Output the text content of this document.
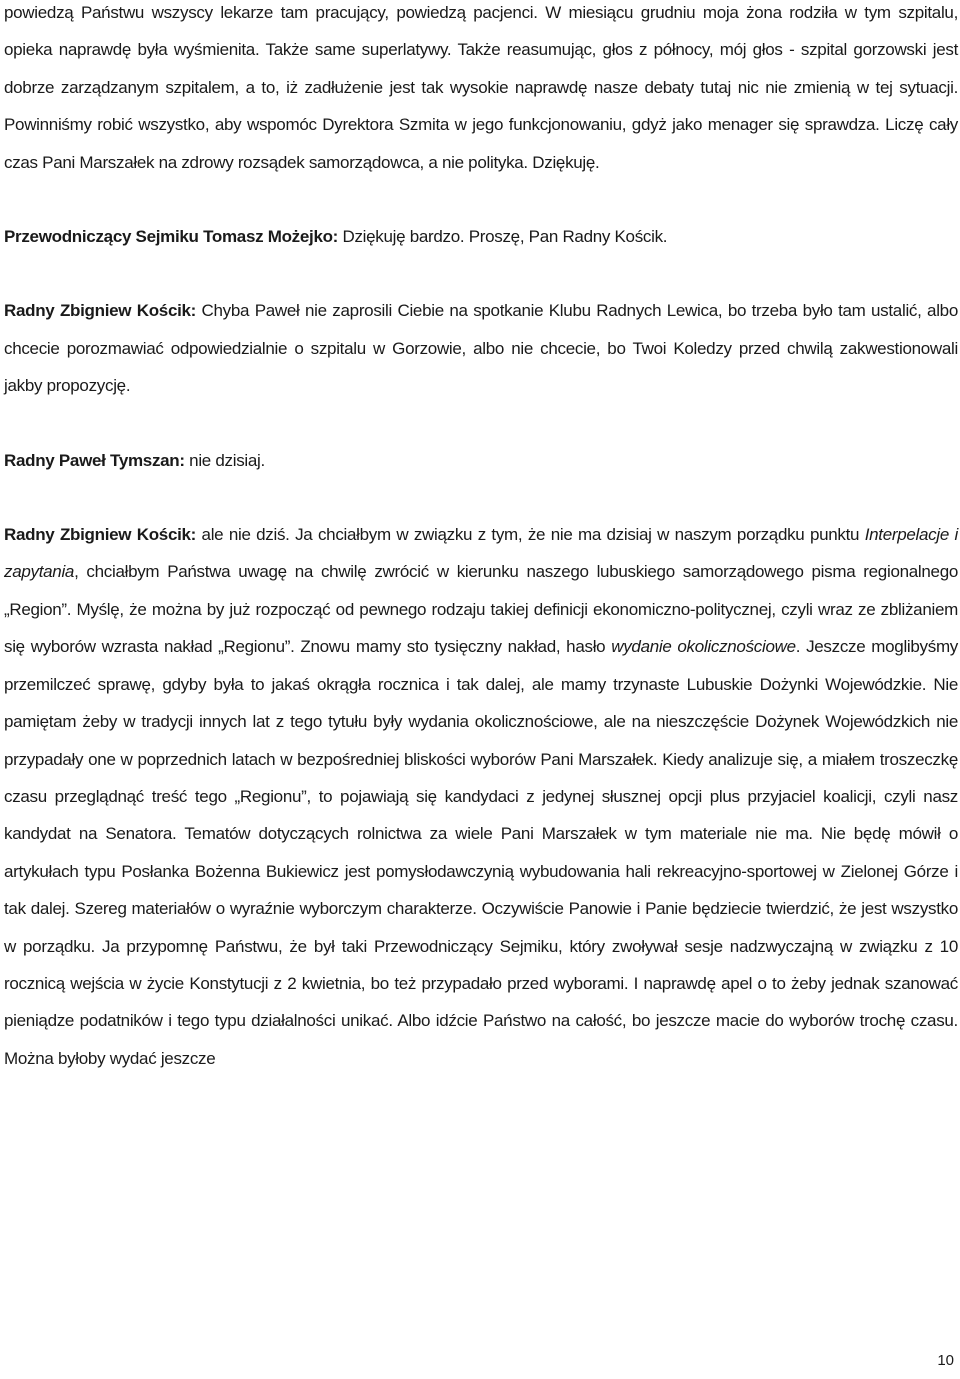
powiedzą Państwu wszyscy lekarze tam pracujący, powiedzą pacjenci. W miesiącu grudniu moja żona rodziła w tym szpitalu, opieka naprawdę była wyśmienita. Także same superlatywy. Także reasumując, głos z północy, mój głos - szpital gorzowski jest dobrze zarządzanym szpitalem, a to, iż zadłużenie jest tak wysokie naprawdę nasze debaty tutaj nic nie zmienią w tej sytuacji. Powinniśmy robić wszystko, aby wspomóc Dyrektora Szmita w jego funkcjonowaniu, gdyż jako menager się sprawdza. Liczę cały czas Pani Marszałek na zdrowy rozsądek samorządowca, a nie polityka. Dziękuję.

Przewodniczący Sejmiku Tomasz Możejko: Dziękuję bardzo. Proszę, Pan Radny Kościk.

Radny Zbigniew Kościk: Chyba Paweł nie zaprosili Ciebie na spotkanie Klubu Radnych Lewica, bo trzeba było tam ustalić, albo chcecie porozmawiać odpowiedzialnie o szpitalu w Gorzowie, albo nie chcecie, bo Twoi Koledzy przed chwilą zakwestionowali jakby propozycję.

Radny Paweł Tymszan: nie dzisiaj.

Radny Zbigniew Kościk: ale nie dziś. Ja chciałbym w związku z tym, że nie ma dzisiaj w naszym porządku punktu Interpelacje i zapytania, chciałbym Państwa uwagę na chwilę zwrócić w kierunku naszego lubuskiego samorządowego pisma regionalnego „Region”. Myślę, że można by już rozpocząć od pewnego rodzaju takiej definicji ekonomiczno-politycznej, czyli wraz ze zbliżaniem się wyborów wzrasta nakład „Regionu”. Znowu mamy sto tysięczny nakład, hasło wydanie okolicznościowe. Jeszcze moglibyśmy przemilczeć sprawę, gdyby była to jakaś okrągła rocznica i tak dalej, ale mamy trzynaste Lubuskie Dożynki Wojewódzkie. Nie pamiętam żeby w tradycji innych lat z tego tytułu były wydania okolicznościowe, ale na nieszczęście Dożynek Wojewódzkich nie przypadały one w poprzednich latach w bezpośredniej bliskości wyborów Pani Marszałek. Kiedy analizuje się, a miałem troszeczkę czasu przeglądnąć treść tego „Regionu”, to pojawiają się kandydaci z jedynej słusznej opcji plus przyjaciel koalicji, czyli nasz kandydat na Senatora. Tematów dotyczących rolnictwa za wiele Pani Marszałek w tym materiale nie ma. Nie będę mówił o artykułach typu Posłanka Bożenna Bukiewicz jest pomysłodawczynią wybudowania hali rekreacyjno-sportowej w Zielonej Górze i tak dalej. Szereg materiałów o wyraźnie wyborczym charakterze. Oczywiście Panowie i Panie będziecie twierdzić, że jest wszystko w porządku. Ja przypomnę Państwu, że był taki Przewodniczący Sejmiku, który zwoływał sesje nadzwyczajną w związku z 10 rocznicą wejścia w życie Konstytucji z 2 kwietnia, bo też przypadało przed wyborami. I naprawdę apel o to żeby jednak szanować pieniądze podatników i tego typu działalności unikać. Albo idźcie Państwo na całość, bo jeszcze macie do wyborów trochę czasu. Można byłoby wydać jeszcze

10
